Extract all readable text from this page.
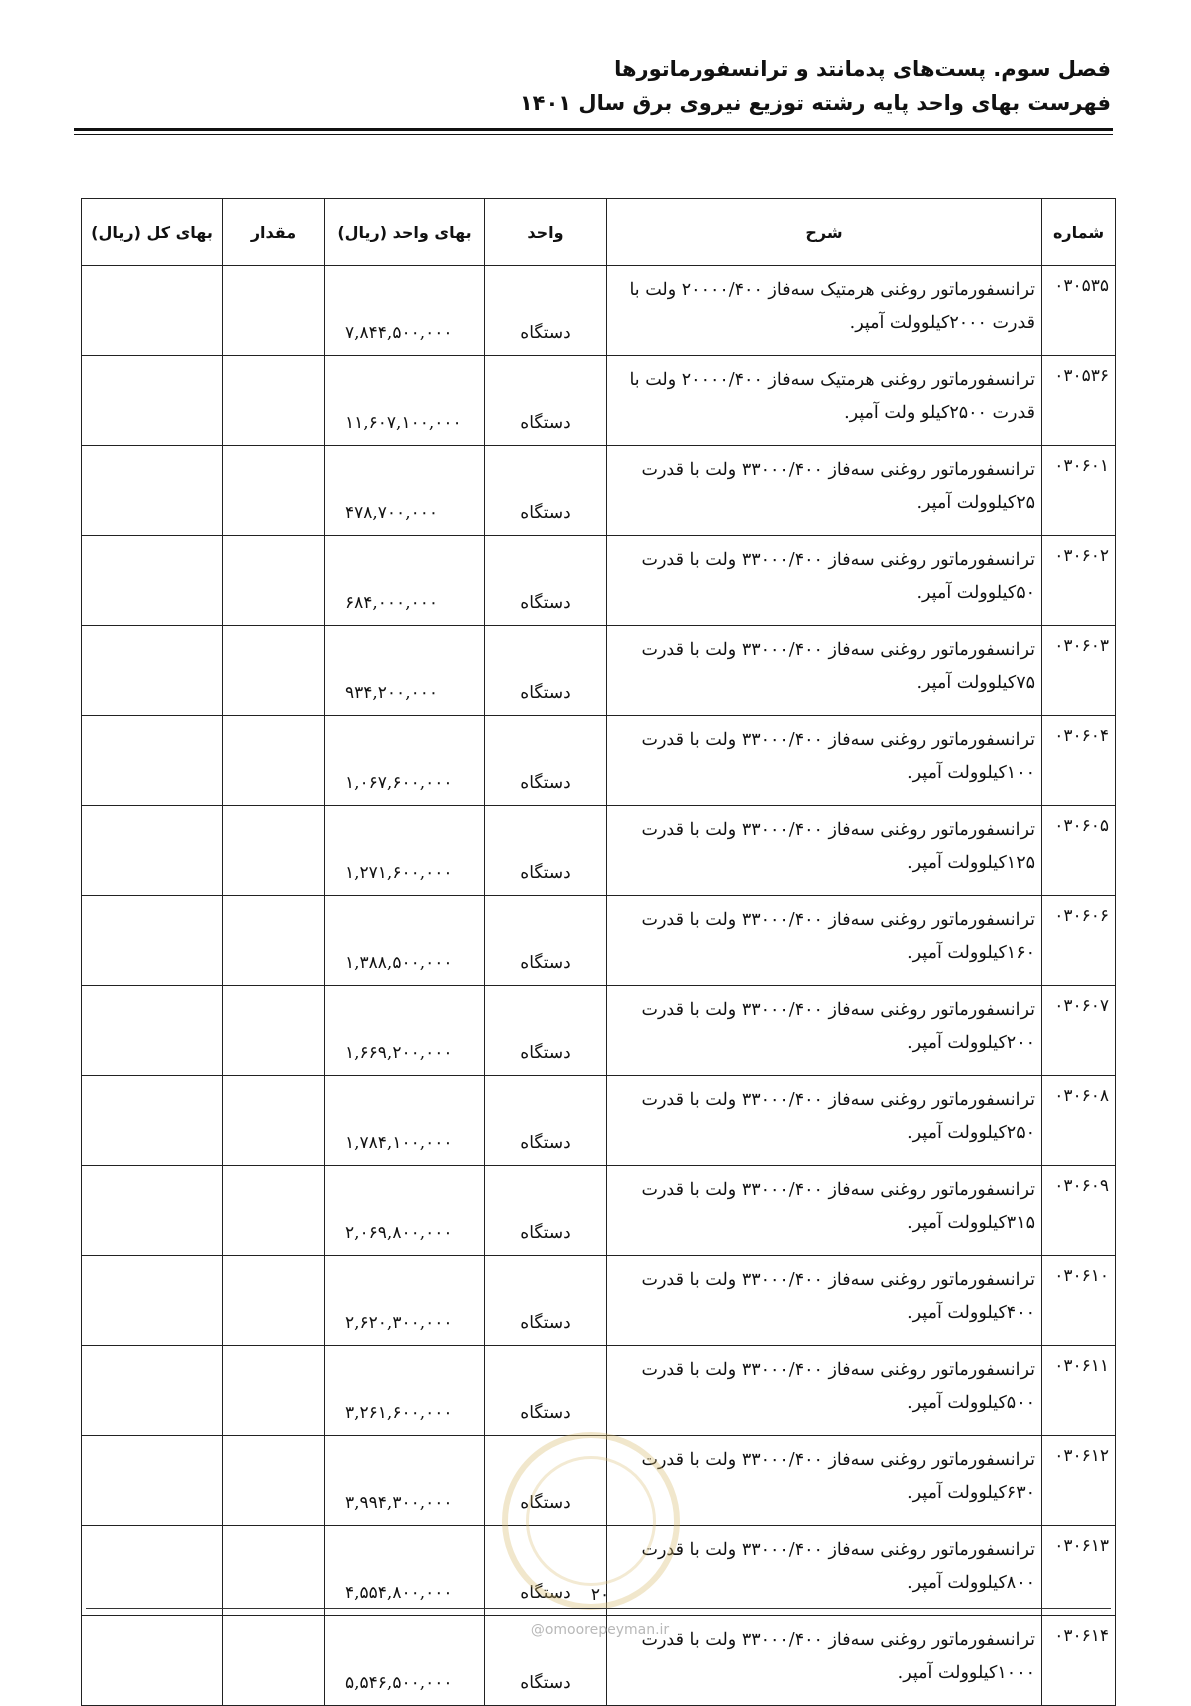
فصل سوم. پست‌های پدمانتد و ترانسفورماتورها
فهرست بهای واحد پایه رشته توزیع نیروی برق سال ۱۴۰۱
شماره	شرح	واحد	بهای واحد (ریال)	مقدار	بهای کل (ریال)
۰۳۰۵۳۵	ترانسفورماتور روغنی هرمتیک سه‌فاز ۲۰۰۰۰/۴۰۰ ولت با قدرت ۲۰۰۰کیلوولت آمپر.	دستگاه	۷,۸۴۴,۵۰۰,۰۰۰		
۰۳۰۵۳۶	ترانسفورماتور روغنی هرمتیک سه‌فاز ۲۰۰۰۰/۴۰۰ ولت با قدرت ۲۵۰۰کیلو ولت آمپر.	دستگاه	۱۱,۶۰۷,۱۰۰,۰۰۰		
۰۳۰۶۰۱	ترانسفورماتور روغنی سه‌فاز ۳۳۰۰۰/۴۰۰ ولت با قدرت ۲۵کیلوولت آمپر.	دستگاه	۴۷۸,۷۰۰,۰۰۰		
۰۳۰۶۰۲	ترانسفورماتور روغنی سه‌فاز ۳۳۰۰۰/۴۰۰ ولت با قدرت ۵۰کیلوولت آمپر.	دستگاه	۶۸۴,۰۰۰,۰۰۰		
۰۳۰۶۰۳	ترانسفورماتور روغنی سه‌فاز ۳۳۰۰۰/۴۰۰ ولت با قدرت ۷۵کیلوولت آمپر.	دستگاه	۹۳۴,۲۰۰,۰۰۰		
۰۳۰۶۰۴	ترانسفورماتور روغنی سه‌فاز ۳۳۰۰۰/۴۰۰ ولت با قدرت ۱۰۰کیلوولت آمپر.	دستگاه	۱,۰۶۷,۶۰۰,۰۰۰		
۰۳۰۶۰۵	ترانسفورماتور روغنی سه‌فاز ۳۳۰۰۰/۴۰۰ ولت با قدرت ۱۲۵کیلوولت آمپر.	دستگاه	۱,۲۷۱,۶۰۰,۰۰۰		
۰۳۰۶۰۶	ترانسفورماتور روغنی سه‌فاز ۳۳۰۰۰/۴۰۰ ولت با قدرت ۱۶۰کیلوولت آمپر.	دستگاه	۱,۳۸۸,۵۰۰,۰۰۰		
۰۳۰۶۰۷	ترانسفورماتور روغنی سه‌فاز ۳۳۰۰۰/۴۰۰ ولت با قدرت ۲۰۰کیلوولت آمپر.	دستگاه	۱,۶۶۹,۲۰۰,۰۰۰		
۰۳۰۶۰۸	ترانسفورماتور روغنی سه‌فاز ۳۳۰۰۰/۴۰۰ ولت با قدرت ۲۵۰کیلوولت آمپر.	دستگاه	۱,۷۸۴,۱۰۰,۰۰۰		
۰۳۰۶۰۹	ترانسفورماتور روغنی سه‌فاز ۳۳۰۰۰/۴۰۰ ولت با قدرت ۳۱۵کیلوولت آمپر.	دستگاه	۲,۰۶۹,۸۰۰,۰۰۰		
۰۳۰۶۱۰	ترانسفورماتور روغنی سه‌فاز ۳۳۰۰۰/۴۰۰ ولت با قدرت ۴۰۰کیلوولت آمپر.	دستگاه	۲,۶۲۰,۳۰۰,۰۰۰		
۰۳۰۶۱۱	ترانسفورماتور روغنی سه‌فاز ۳۳۰۰۰/۴۰۰ ولت با قدرت ۵۰۰کیلوولت آمپر.	دستگاه	۳,۲۶۱,۶۰۰,۰۰۰		
۰۳۰۶۱۲	ترانسفورماتور روغنی سه‌فاز ۳۳۰۰۰/۴۰۰ ولت با قدرت ۶۳۰کیلوولت آمپر.	دستگاه	۳,۹۹۴,۳۰۰,۰۰۰		
۰۳۰۶۱۳	ترانسفورماتور روغنی سه‌فاز ۳۳۰۰۰/۴۰۰ ولت با قدرت ۸۰۰کیلوولت آمپر.	دستگاه	۴,۵۵۴,۸۰۰,۰۰۰		
۰۳۰۶۱۴	ترانسفورماتور روغنی سه‌فاز ۳۳۰۰۰/۴۰۰ ولت با قدرت ۱۰۰۰کیلوولت آمپر.	دستگاه	۵,۵۴۶,۵۰۰,۰۰۰		
۲۰
@omoorepeyman.ir
